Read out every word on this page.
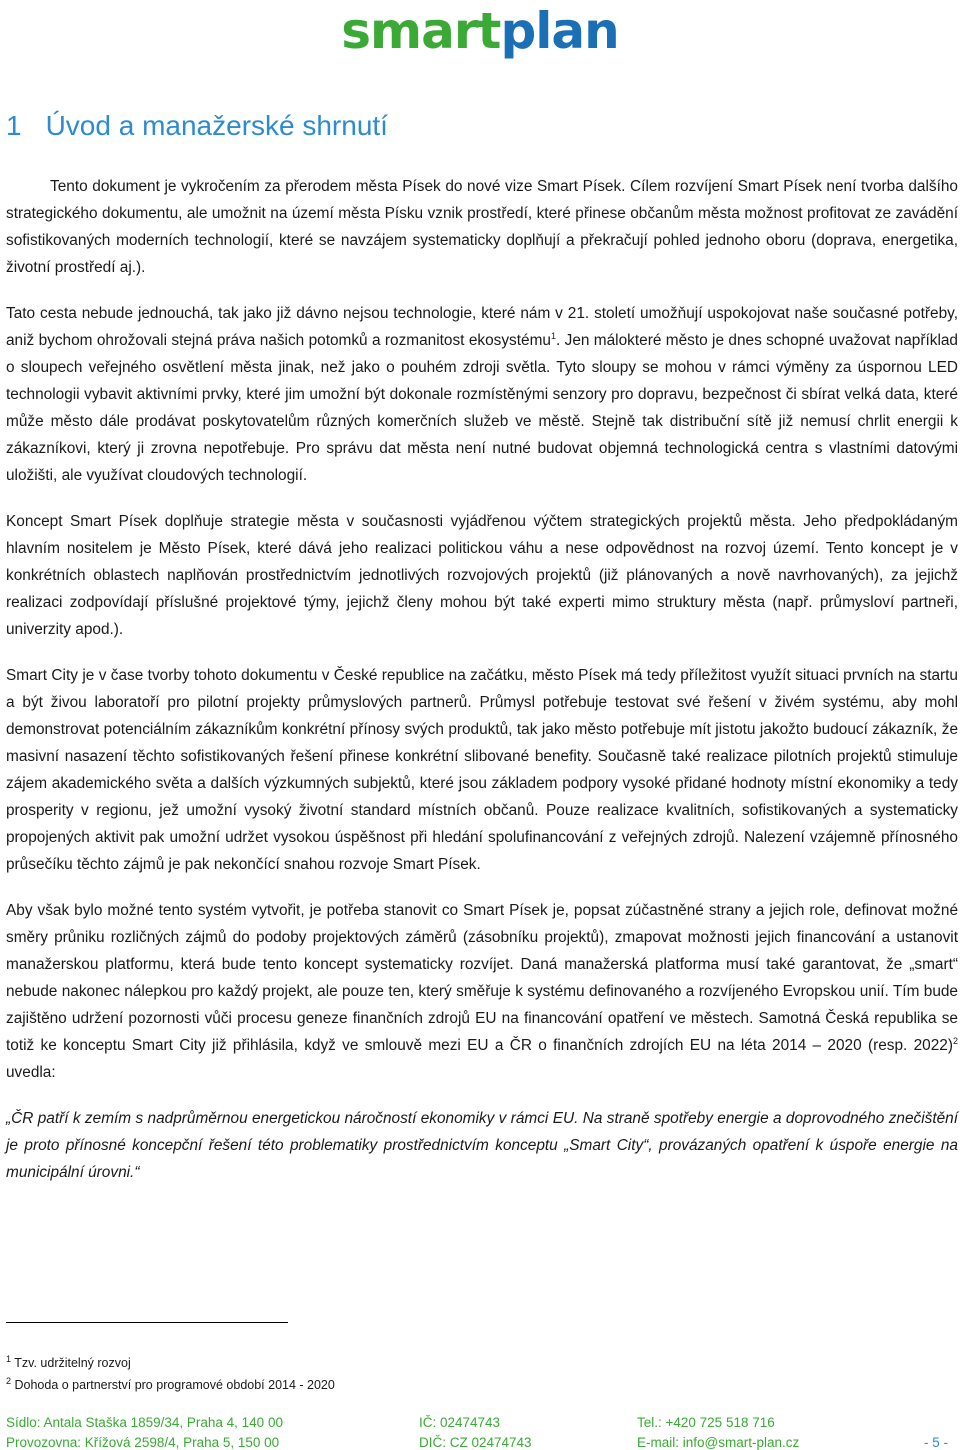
smartplan
1 Úvod a manažerské shrnutí

Tento dokument je vykročením za přerodem města Písek do nové vize Smart Písek. Cílem rozvíjení Smart Písek není tvorba dalšího strategického dokumentu, ale umožnit na území města Písku vznik prostředí, které přinese občanům města možnost profitovat ze zavádění sofistikovaných moderních technologií, které se navzájem systematicky doplňují a překračují pohled jednoho oboru (doprava, energetika, životní prostředí aj.).

Tato cesta nebude jednouchá, tak jako již dávno nejsou technologie, které nám v 21. století umožňují uspokojovat naše současné potřeby, aniž bychom ohrožovali stejná práva našich potomků a rozmanitost ekosystému$^1$. Jen málokteré město je dnes schopné uvažovat například o sloupech veřejného osvětlení města jinak, než jako o pouhém zdroji světla. Tyto sloupy se mohou v rámci výměny za úspornou LED technologii vybavit aktivními prvky, které jim umožní být dokonale rozmístěnými senzory pro dopravu, bezpečnost či sbírat velká data, které může město dále prodávat poskytovatelům různých komerčních služeb ve městě. Stejně tak distribuční sítě již nemusí chrlit energii k zákazníkovi, který ji zrovna nepotřebuje. Pro správu dat města není nutné budovat objemná technologická centra s vlastními datovými uložišti, ale využívat cloudových technologií.

Koncept Smart Písek doplňuje strategie města v současnosti vyjádřenou výčtem strategických projektů města. Jeho předpokládaným hlavním nositelem je Město Písek, které dává jeho realizaci politickou váhu a nese odpovědnost na rozvoj území. Tento koncept je v konkrétních oblastech naplňován prostřednictvím jednotlivých rozvojových projektů (již plánovaných a nově navrhovaných), za jejichž realizaci zodpovídají příslušné projektové týmy, jejichž členy mohou být také experti mimo struktury města (např. průmysloví partneři, univerzity apod.).

Smart City je v čase tvorby tohoto dokumentu v České republice na začátku, město Písek má tedy příležitost využít situaci prvních na startu a být živou laboratoří pro pilotní projekty průmyslových partnerů. Průmysl potřebuje testovat své řešení v živém systému, aby mohl demonstrovat potenciálním zákazníkům konkrétní přínosy svých produktů, tak jako město potřebuje mít jistotu jakožto budoucí zákazník, že masivní nasazení těchto sofistikovaných řešení přinese konkrétní slibované benefity. Současně také realizace pilotních projektů stimuluje zájem akademického světa a dalších výzkumných subjektů, které jsou základem podpory vysoké přidané hodnoty místní ekonomiky a tedy prosperity v regionu, jež umožní vysoký životní standard místních občanů. Pouze realizace kvalitních, sofistikovaných a systematicky propojených aktivit pak umožní udržet vysokou úspěšnost při hledání spolufinancování z veřejných zdrojů. Nalezení vzájemně přínosného průsečíku těchto zájmů je pak nekončící snahou rozvoje Smart Písek.

Aby však bylo možné tento systém vytvořit, je potřeba stanovit co Smart Písek je, popsat zúčastněné strany a jejich role, definovat možné směry průniku rozličných zájmů do podoby projektových záměrů (zásobníku projektů), zmapovat možnosti jejich financování a ustanovit manažerskou platformu, která bude tento koncept systematicky rozvíjet. Daná manažerská platforma musí také garantovat, že „smart“ nebude nakonec nálepkou pro každý projekt, ale pouze ten, který směřuje k systému definovaného a rozvíjeného Evropskou unií. Tím bude zajištěno udržení pozornosti vůči procesu geneze finančních zdrojů EU na financování opatření ve městech. Samotná Česká republika se totiž ke konceptu Smart City již přihlásila, když ve smlouvě mezi EU a ČR o finančních zdrojích EU na léta 2014 – 2020 (resp. 2022)$^2$ uvedla:

„ČR patří k zemím s nadprůměrnou energetickou náročností ekonomiky v rámci EU. Na straně spotřeby energie a doprovodného znečištění je proto přínosné koncepční řešení této problematiky prostřednictvím konceptu „Smart City“, provázaných opatření k úspoře energie na municipální úrovni.“

$^1$ Tzv. udržitelný rozvoj
$^2$ Dohoda o partnerství pro programové období 2014 - 2020
Sídlo: Antala Staška 1859/34, Praha 4, 140 00	IČ: 02474743	Tel.: +420 725 518 716
Provozovna: Křížová 2598/4, Praha 5, 150 00	DIČ: CZ 02474743	E-mail: info@smart-plan.cz	- 5 -
